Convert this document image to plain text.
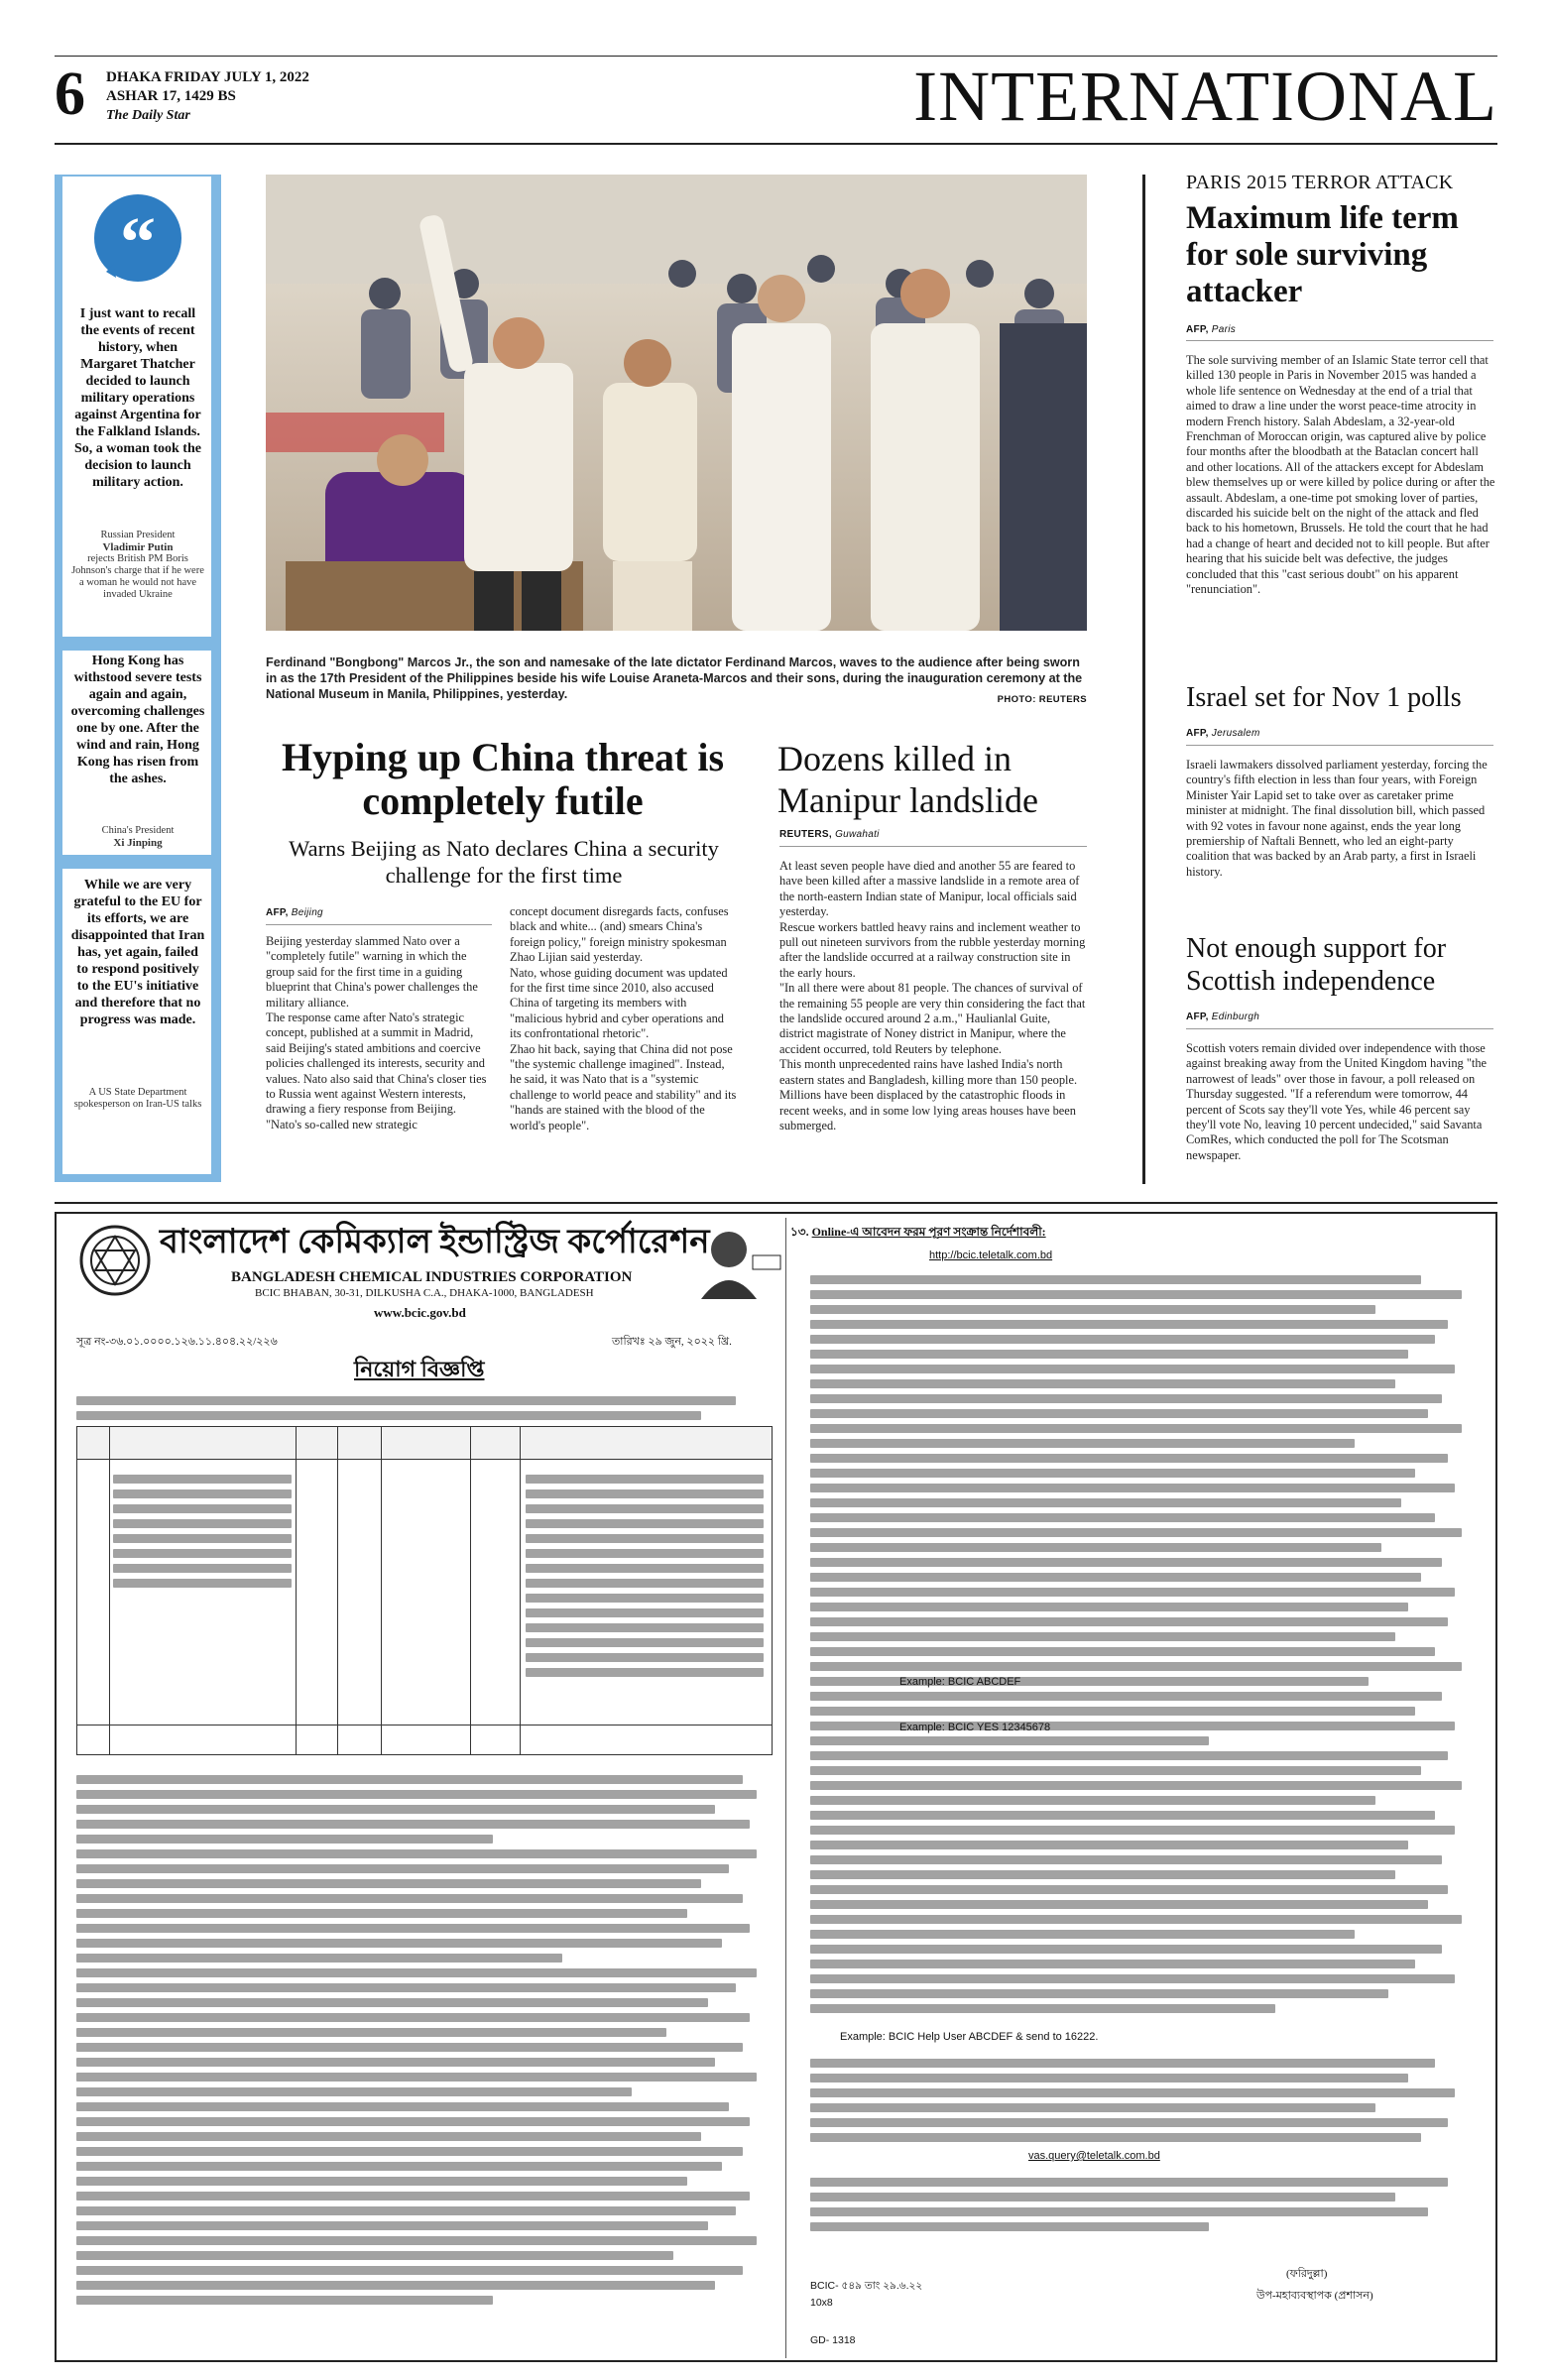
6 DHAKA FRIDAY JULY 1, 2022
ASHAR 17, 1429 BS
The Daily Star	INTERNATIONAL
“
I just want to recall the events of recent history, when Margaret Thatcher decided to launch military operations against Argentina for the Falkland Islands. So, a woman took the decision to launch military action.
Russian President
Vladimir Putin
rejects British PM Boris Johnson's charge that if he were a woman he would not have invaded Ukraine
Hong Kong has withstood severe tests again and again, overcoming challenges one by one. After the wind and rain, Hong Kong has risen from the ashes.
China's President
Xi Jinping
While we are very grateful to the EU for its efforts, we are disappointed that Iran has, yet again, failed to respond positively to the EU's initiative and therefore that no progress was made.
A US State Department spokesperson on Iran-US talks
Ferdinand "Bongbong" Marcos Jr., the son and namesake of the late dictator Ferdinand Marcos, waves to the audience after being sworn in as the 17th President of the Philippines beside his wife Louise Araneta-Marcos and their sons, during the inauguration ceremony at the National Museum in Manila, Philippines, yesterday.	PHOTO: REUTERS
Hyping up China threat is completely futile
Warns Beijing as Nato declares China a security challenge for the first time
AFP, Beijing
Beijing yesterday slammed Nato over a "completely futile" warning in which the group said for the first time in a guiding blueprint that China's power challenges the military alliance.
The response came after Nato's strategic concept, published at a summit in Madrid, said Beijing's stated ambitions and coercive policies challenged its interests, security and values. Nato also said that China's closer ties to Russia went against Western interests, drawing a fiery response from Beijing.
"Nato's so-called new strategic
concept document disregards facts, confuses black and white... (and) smears China's foreign policy," foreign ministry spokesman Zhao Lijian said yesterday.
Nato, whose guiding document was updated for the first time since 2010, also accused China of targeting its members with "malicious hybrid and cyber operations and its confrontational rhetoric".
Zhao hit back, saying that China did not pose "the systemic challenge imagined". Instead, he said, it was Nato that is a "systemic challenge to world peace and stability" and its "hands are stained with the blood of the world's people".
Dozens killed in Manipur landslide
REUTERS, Guwahati
At least seven people have died and another 55 are feared to have been killed after a massive landslide in a remote area of the north-eastern Indian state of Manipur, local officials said yesterday.
Rescue workers battled heavy rains and inclement weather to pull out nineteen survivors from the rubble yesterday morning after the landslide occurred at a railway construction site in the early hours.
"In all there were about 81 people. The chances of survival of the remaining 55 people are very thin considering the fact that the landslide occured around 2 a.m.," Haulianlal Guite, district magistrate of Noney district in Manipur, where the accident occurred, told Reuters by telephone.
This month unprecedented rains have lashed India's north eastern states and Bangladesh, killing more than 150 people. Millions have been displaced by the catastrophic floods in recent weeks, and in some low lying areas houses have been submerged.
PARIS 2015 TERROR ATTACK
Maximum life term for sole surviving attacker
AFP, Paris
The sole surviving member of an Islamic State terror cell that killed 130 people in Paris in November 2015 was handed a whole life sentence on Wednesday at the end of a trial that aimed to draw a line under the worst peace-time atrocity in modern French history. Salah Abdeslam, a 32-year-old Frenchman of Moroccan origin, was captured alive by police four months after the bloodbath at the Bataclan concert hall and other locations. All of the attackers except for Abdeslam blew themselves up or were killed by police during or after the assault. Abdeslam, a one-time pot smoking lover of parties, discarded his suicide belt on the night of the attack and fled back to his hometown, Brussels. He told the court that he had had a change of heart and decided not to kill people. But after hearing that his suicide belt was defective, the judges concluded that this "cast serious doubt" on his apparent "renunciation".
Israel set for Nov 1 polls
AFP, Jerusalem
Israeli lawmakers dissolved parliament yesterday, forcing the country's fifth election in less than four years, with Foreign Minister Yair Lapid set to take over as caretaker prime minister at midnight. The final dissolution bill, which passed with 92 votes in favour none against, ends the year long premiership of Naftali Bennett, who led an eight-party coalition that was backed by an Arab party, a first in Israeli history.
Not enough support for Scottish independence
AFP, Edinburgh
Scottish voters remain divided over independence with those against breaking away from the United Kingdom having "the narrowest of leads" over those in favour, a poll released on Thursday suggested. "If a referendum were tomorrow, 44 percent of Scots say they'll vote Yes, while 46 percent say they'll vote No, leaving 10 percent undecided," said Savanta ComRes, which conducted the poll for The Scotsman newspaper.
বাংলাদেশ কেমিক্যাল ইন্ডাস্ট্রিজ কর্পোরেশন
BANGLADESH CHEMICAL INDUSTRIES CORPORATION
BCIC BHABAN, 30-31, DILKUSHA C.A., DHAKA-1000, BANGLADESH
www.bcic.gov.bd
সূত্র নং-৩৬.০১.০০০০.১২৬.১১.৪০৪.২২/২২৬	তারিখঃ ২৯ জুন, ২০২২ খ্রি.
নিয়োগ বিজ্ঞপ্তি
১৩. Online-এ আবেদন ফরম পূরণ সংক্রান্ত নির্দেশাবলী:
http://bcic.teletalk.com.bd
Example: BCIC ABCDEF
Example: BCIC YES 12345678
Example: BCIC Help User ABCDEF & send to 16222.
vas.query@teletalk.com.bd
(ফরিদুল্লা)
উপ-মহাব্যবস্থাপক (প্রশাসন)
BCIC- ৫৪৯ তাং ২৯.৬.২২
10x8
GD- 1318
